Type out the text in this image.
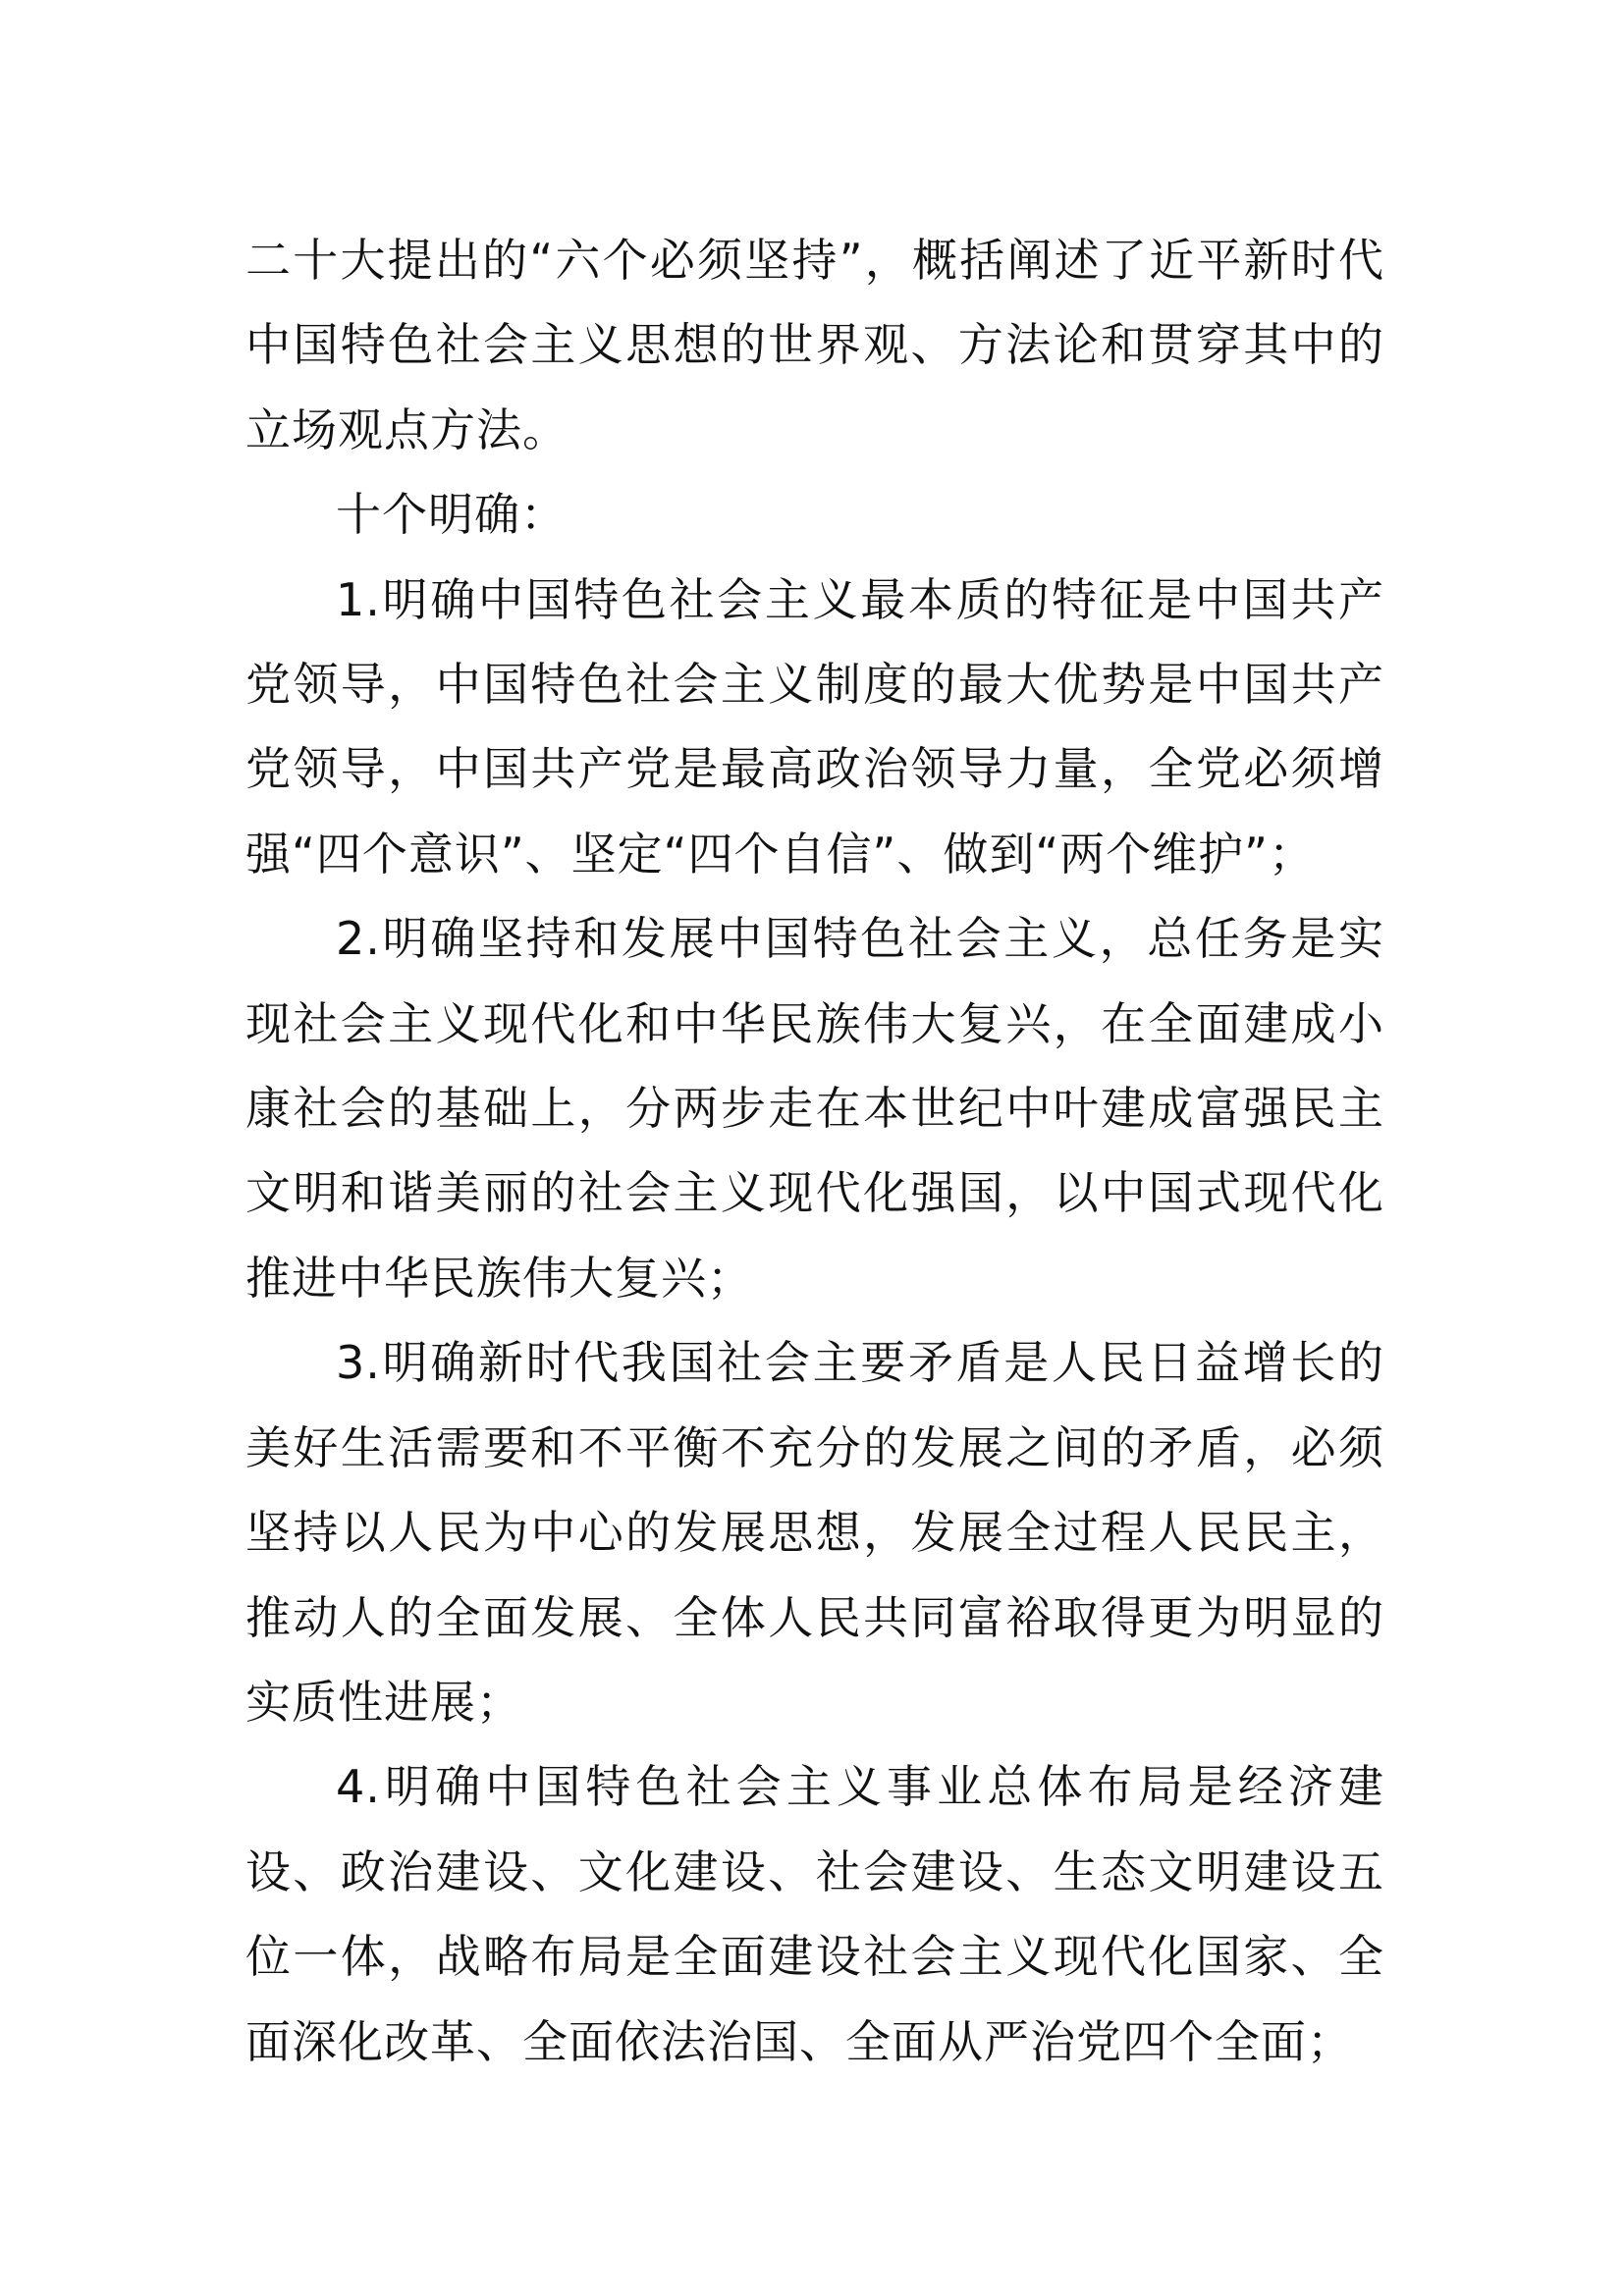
二十大提出的“六个必须坚持”，概括阐述了近平新时代中国特色社会主义思想的世界观、方法论和贯穿其中的立场观点方法。

十个明确：

1.明确中国特色社会主义最本质的特征是中国共产党领导，中国特色社会主义制度的最大优势是中国共产党领导，中国共产党是最高政治领导力量，全党必须增强“四个意识”、坚定“四个自信”、做到“两个维护”；

2.明确坚持和发展中国特色社会主义，总任务是实现社会主义现代化和中华民族伟大复兴，在全面建成小康社会的基础上，分两步走在本世纪中叶建成富强民主文明和谐美丽的社会主义现代化强国，以中国式现代化推进中华民族伟大复兴；

3.明确新时代我国社会主要矛盾是人民日益增长的美好生活需要和不平衡不充分的发展之间的矛盾，必须坚持以人民为中心的发展思想，发展全过程人民民主，推动人的全面发展、全体人民共同富裕取得更为明显的实质性进展；

4.明确中国特色社会主义事业总体布局是经济建设、政治建设、文化建设、社会建设、生态文明建设五位一体，战略布局是全面建设社会主义现代化国家、全面深化改革、全面依法治国、全面从严治党四个全面；
